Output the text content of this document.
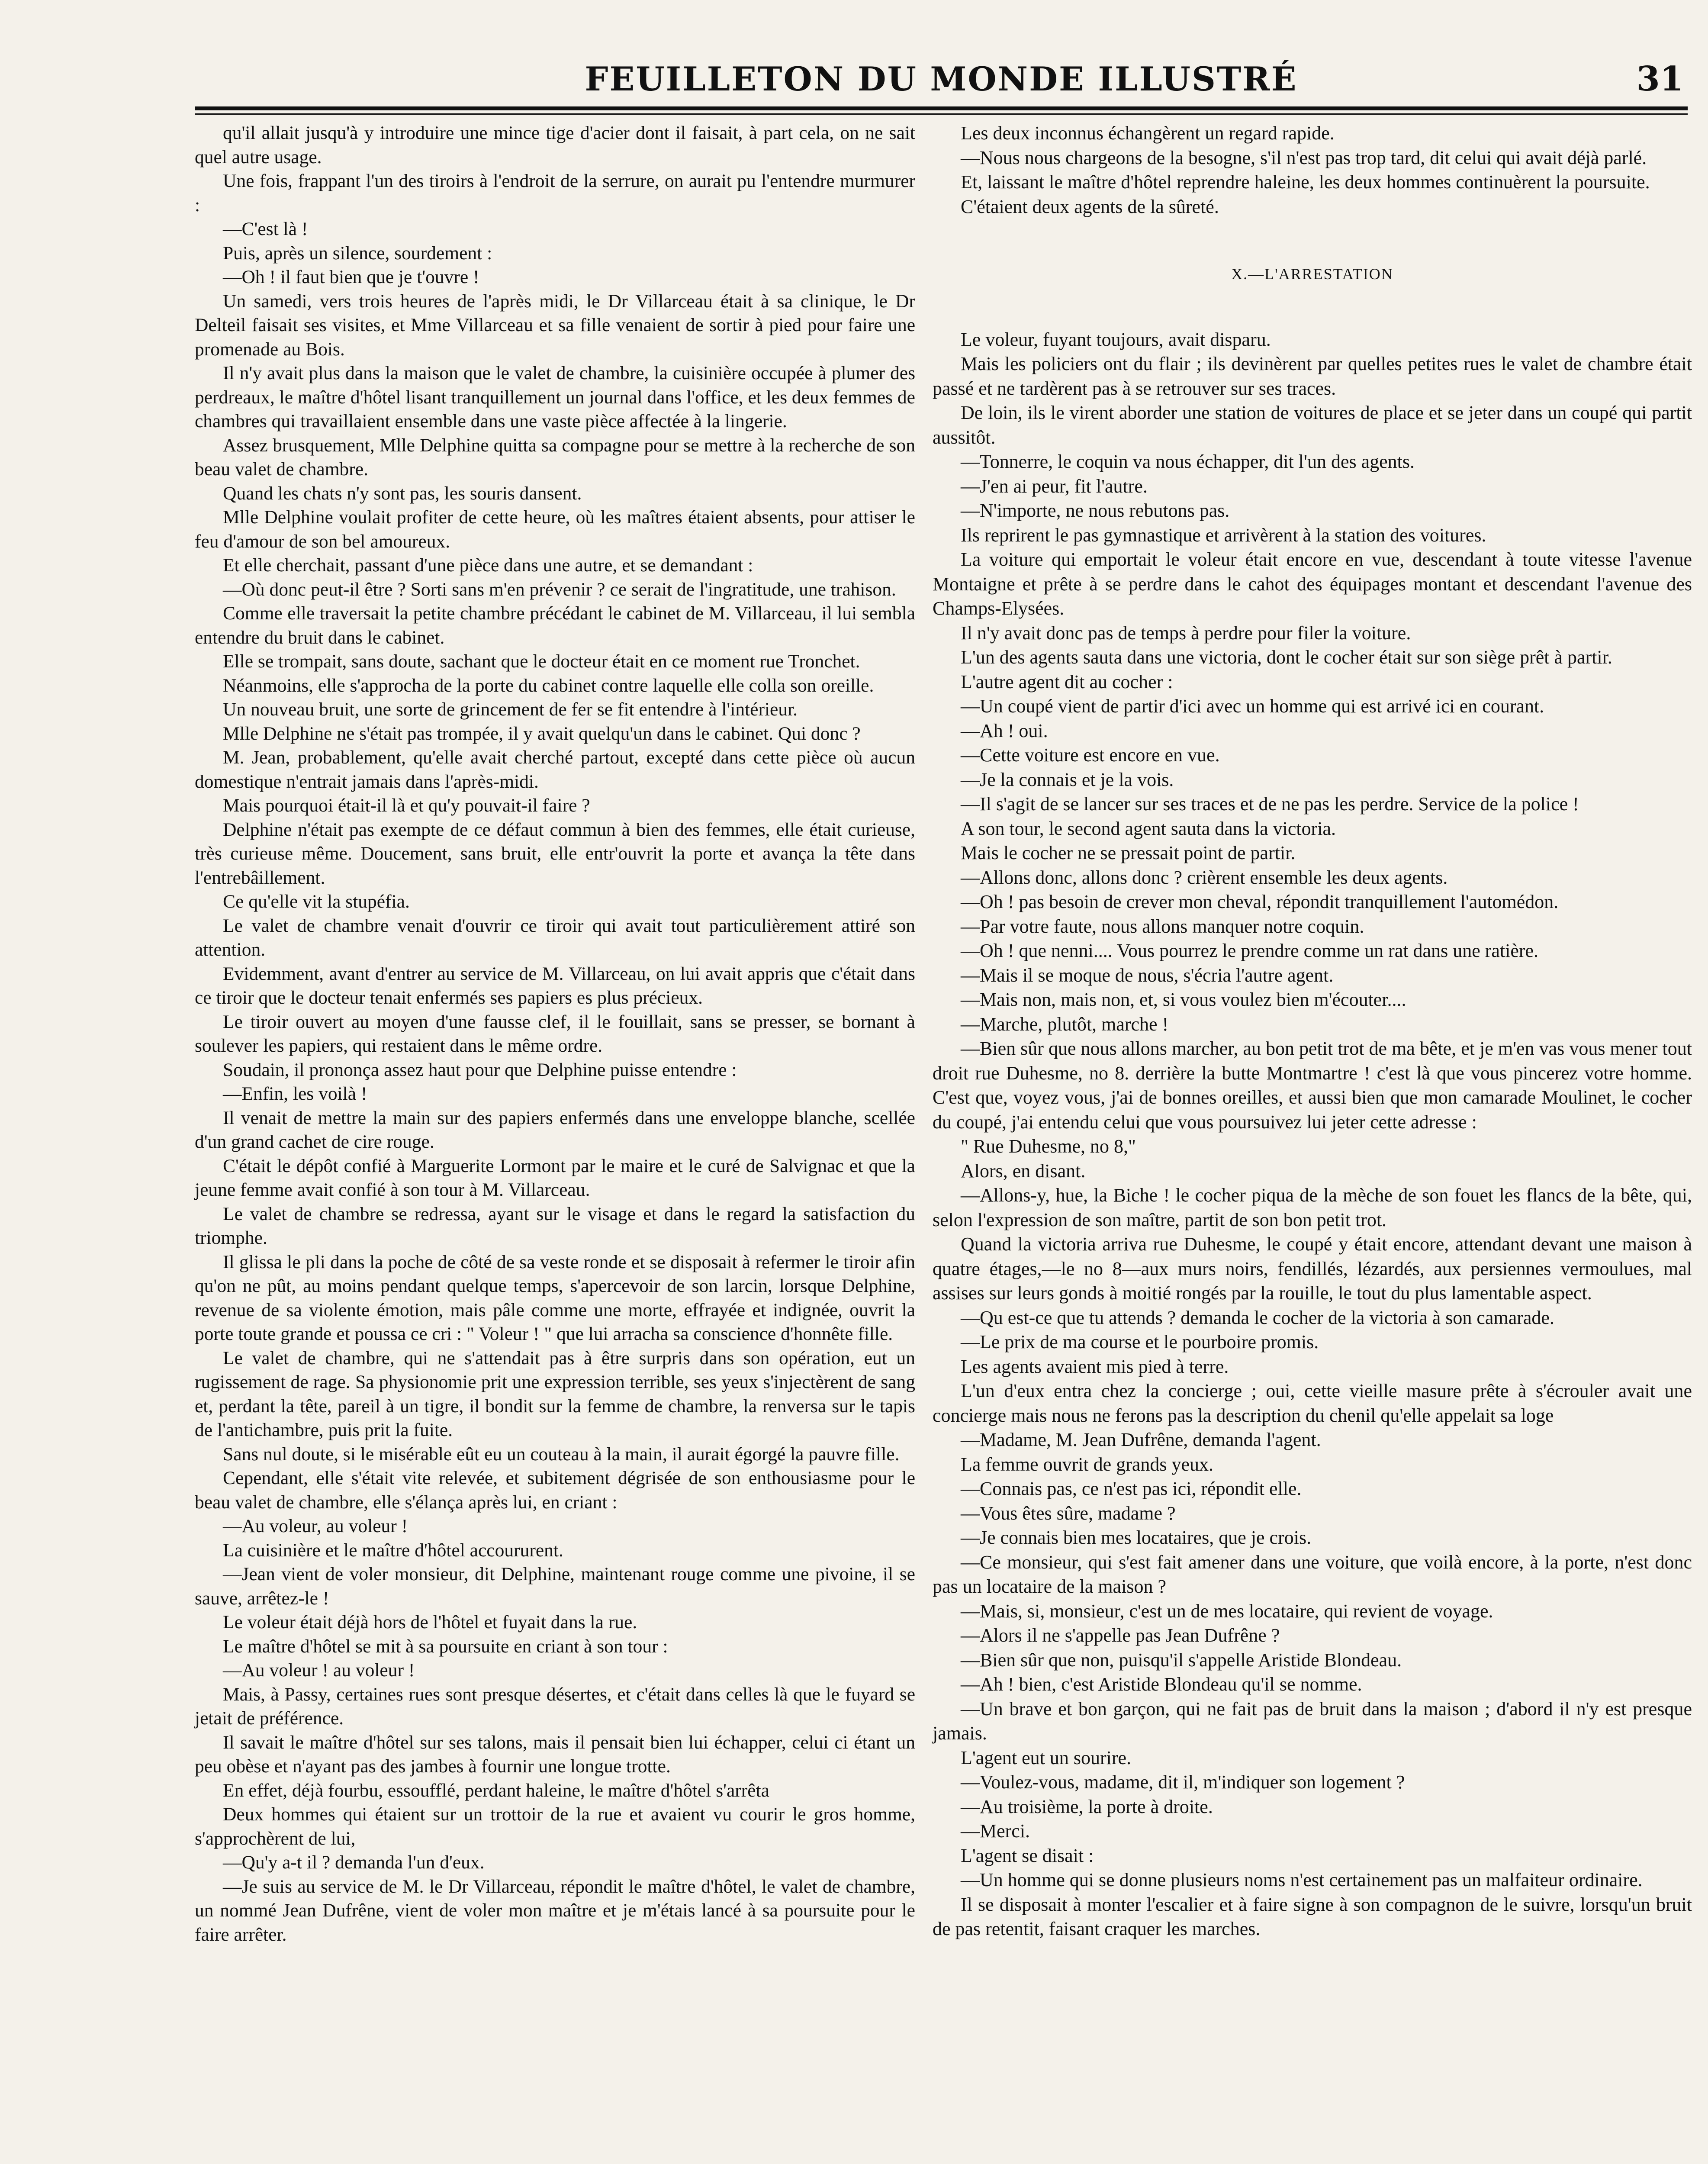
FEUILLETON DU MONDE ILLUSTRÉ	31

qu'il allait jusqu'à y introduire une mince tige d'acier dont il faisait, à part cela, on ne sait quel autre usage.

Une fois, frappant l'un des tiroirs à l'endroit de la serrure, on aurait pu l'entendre murmurer :

—C'est là !

Puis, après un silence, sourdement :

—Oh ! il faut bien que je t'ouvre !

Un samedi, vers trois heures de l'après midi, le Dr Villarceau était à sa clinique, le Dr Delteil faisait ses visites, et Mme Villarceau et sa fille venaient de sortir à pied pour faire une promenade au Bois.

Il n'y avait plus dans la maison que le valet de chambre, la cuisinière occupée à plumer des perdreaux, le maître d'hôtel lisant tranquillement un journal dans l'office, et les deux femmes de chambres qui travaillaient ensemble dans une vaste pièce affectée à la lingerie.

Assez brusquement, Mlle Delphine quitta sa compagne pour se mettre à la recherche de son beau valet de chambre.

Quand les chats n'y sont pas, les souris dansent.

Mlle Delphine voulait profiter de cette heure, où les maîtres étaient absents, pour attiser le feu d'amour de son bel amoureux.

Et elle cherchait, passant d'une pièce dans une autre, et se demandant :

—Où donc peut-il être ? Sorti sans m'en prévenir ? ce serait de l'ingratitude, une trahison.

Comme elle traversait la petite chambre précédant le cabinet de M. Villarceau, il lui sembla entendre du bruit dans le cabinet.

Elle se trompait, sans doute, sachant que le docteur était en ce moment rue Tronchet.

Néanmoins, elle s'approcha de la porte du cabinet contre laquelle elle colla son oreille.

Un nouveau bruit, une sorte de grincement de fer se fit entendre à l'intérieur.

Mlle Delphine ne s'était pas trompée, il y avait quelqu'un dans le cabinet. Qui donc ?

M. Jean, probablement, qu'elle avait cherché partout, excepté dans cette pièce où aucun domestique n'entrait jamais dans l'après-midi.

Mais pourquoi était-il là et qu'y pouvait-il faire ?

Delphine n'était pas exempte de ce défaut commun à bien des femmes, elle était curieuse, très curieuse même. Doucement, sans bruit, elle entr'ouvrit la porte et avança la tête dans l'entrebâillement.

Ce qu'elle vit la stupéfia.

Le valet de chambre venait d'ouvrir ce tiroir qui avait tout particulièrement attiré son attention.

Evidemment, avant d'entrer au service de M. Villarceau, on lui avait appris que c'était dans ce tiroir que le docteur tenait enfermés ses papiers es plus précieux.

Le tiroir ouvert au moyen d'une fausse clef, il le fouillait, sans se presser, se bornant à soulever les papiers, qui restaient dans le même ordre.

Soudain, il prononça assez haut pour que Delphine puisse entendre :

—Enfin, les voilà !

Il venait de mettre la main sur des papiers enfermés dans une enveloppe blanche, scellée d'un grand cachet de cire rouge.

C'était le dépôt confié à Marguerite Lormont par le maire et le curé de Salvignac et que la jeune femme avait confié à son tour à M. Villarceau.

Le valet de chambre se redressa, ayant sur le visage et dans le regard la satisfaction du triomphe.

Il glissa le pli dans la poche de côté de sa veste ronde et se disposait à refermer le tiroir afin qu'on ne pût, au moins pendant quelque temps, s'apercevoir de son larcin, lorsque Delphine, revenue de sa violente émotion, mais pâle comme une morte, effrayée et indignée, ouvrit la porte toute grande et poussa ce cri : " Voleur ! " que lui arracha sa conscience d'honnête fille.

Le valet de chambre, qui ne s'attendait pas à être surpris dans son opération, eut un rugissement de rage. Sa physionomie prit une expression terrible, ses yeux s'injectèrent de sang et, perdant la tête, pareil à un tigre, il bondit sur la femme de chambre, la renversa sur le tapis de l'antichambre, puis prit la fuite.

Sans nul doute, si le misérable eût eu un couteau à la main, il aurait égorgé la pauvre fille.

Cependant, elle s'était vite relevée, et subitement dégrisée de son enthousiasme pour le beau valet de chambre, elle s'élança après lui, en criant :

—Au voleur, au voleur !

La cuisinière et le maître d'hôtel accoururent.

—Jean vient de voler monsieur, dit Delphine, maintenant rouge comme une pivoine, il se sauve, arrêtez-le !

Le voleur était déjà hors de l'hôtel et fuyait dans la rue.

Le maître d'hôtel se mit à sa poursuite en criant à son tour :

—Au voleur ! au voleur !

Mais, à Passy, certaines rues sont presque désertes, et c'était dans celles là que le fuyard se jetait de préférence.

Il savait le maître d'hôtel sur ses talons, mais il pensait bien lui échapper, celui ci étant un peu obèse et n'ayant pas des jambes à fournir une longue trotte.

En effet, déjà fourbu, essoufflé, perdant haleine, le maître d'hôtel s'arrêta

Deux hommes qui étaient sur un trottoir de la rue et avaient vu courir le gros homme, s'approchèrent de lui,

—Qu'y a-t il ? demanda l'un d'eux.

—Je suis au service de M. le Dr Villarceau, répondit le maître d'hôtel, le valet de chambre, un nommé Jean Dufrêne, vient de voler mon maître et je m'étais lancé à sa poursuite pour le faire arrêter.

Les deux inconnus échangèrent un regard rapide.

—Nous nous chargeons de la besogne, s'il n'est pas trop tard, dit celui qui avait déjà parlé.

Et, laissant le maître d'hôtel reprendre haleine, les deux hommes continuèrent la poursuite.

C'étaient deux agents de la sûreté.

X.—L'ARRESTATION

Le voleur, fuyant toujours, avait disparu.

Mais les policiers ont du flair ; ils devinèrent par quelles petites rues le valet de chambre était passé et ne tardèrent pas à se retrouver sur ses traces.

De loin, ils le virent aborder une station de voitures de place et se jeter dans un coupé qui partit aussitôt.

—Tonnerre, le coquin va nous échapper, dit l'un des agents.

—J'en ai peur, fit l'autre.

—N'importe, ne nous rebutons pas.

Ils reprirent le pas gymnastique et arrivèrent à la station des voitures.

La voiture qui emportait le voleur était encore en vue, descendant à toute vitesse l'avenue Montaigne et prête à se perdre dans le cahot des équipages montant et descendant l'avenue des Champs-Elysées.

Il n'y avait donc pas de temps à perdre pour filer la voiture.

L'un des agents sauta dans une victoria, dont le cocher était sur son siège prêt à partir.

L'autre agent dit au cocher :

—Un coupé vient de partir d'ici avec un homme qui est arrivé ici en courant.

—Ah ! oui.

—Cette voiture est encore en vue.

—Je la connais et je la vois.

—Il s'agit de se lancer sur ses traces et de ne pas les perdre. Service de la police !

A son tour, le second agent sauta dans la victoria.

Mais le cocher ne se pressait point de partir.

—Allons donc, allons donc ? crièrent ensemble les deux agents.

—Oh ! pas besoin de crever mon cheval, répondit tranquillement l'automédon.

—Par votre faute, nous allons manquer notre coquin.

—Oh ! que nenni.... Vous pourrez le prendre comme un rat dans une ratière.

—Mais il se moque de nous, s'écria l'autre agent.

—Mais non, mais non, et, si vous voulez bien m'écouter....

—Marche, plutôt, marche !

—Bien sûr que nous allons marcher, au bon petit trot de ma bête, et je m'en vas vous mener tout droit rue Duhesme, no 8. derrière la butte Montmartre ! c'est là que vous pincerez votre homme. C'est que, voyez vous, j'ai de bonnes oreilles, et aussi bien que mon camarade Moulinet, le cocher du coupé, j'ai entendu celui que vous poursuivez lui jeter cette adresse :

" Rue Duhesme, no 8,"

Alors, en disant.

—Allons-y, hue, la Biche ! le cocher piqua de la mèche de son fouet les flancs de la bête, qui, selon l'expression de son maître, partit de son bon petit trot.

Quand la victoria arriva rue Duhesme, le coupé y était encore, attendant devant une maison à quatre étages,—le no 8—aux murs noirs, fendillés, lézardés, aux persiennes vermoulues, mal assises sur leurs gonds à moitié rongés par la rouille, le tout du plus lamentable aspect.

—Qu est-ce que tu attends ? demanda le cocher de la victoria à son camarade.

—Le prix de ma course et le pourboire promis.

Les agents avaient mis pied à terre.

L'un d'eux entra chez la concierge ; oui, cette vieille masure prête à s'écrouler avait une concierge mais nous ne ferons pas la description du chenil qu'elle appelait sa loge

—Madame, M. Jean Dufrêne, demanda l'agent.

La femme ouvrit de grands yeux.

—Connais pas, ce n'est pas ici, répondit elle.

—Vous êtes sûre, madame ?

—Je connais bien mes locataires, que je crois.

—Ce monsieur, qui s'est fait amener dans une voiture, que voilà encore, à la porte, n'est donc pas un locataire de la maison ?

—Mais, si, monsieur, c'est un de mes locataire, qui revient de voyage.

—Alors il ne s'appelle pas Jean Dufrêne ?

—Bien sûr que non, puisqu'il s'appelle Aristide Blondeau.

—Ah ! bien, c'est Aristide Blondeau qu'il se nomme.

—Un brave et bon garçon, qui ne fait pas de bruit dans la maison ; d'abord il n'y est presque jamais.

L'agent eut un sourire.

—Voulez-vous, madame, dit il, m'indiquer son logement ?

—Au troisième, la porte à droite.

—Merci.

L'agent se disait :

—Un homme qui se donne plusieurs noms n'est certainement pas un malfaiteur ordinaire.

Il se disposait à monter l'escalier et à faire signe à son compagnon de le suivre, lorsqu'un bruit de pas retentit, faisant craquer les marches.
